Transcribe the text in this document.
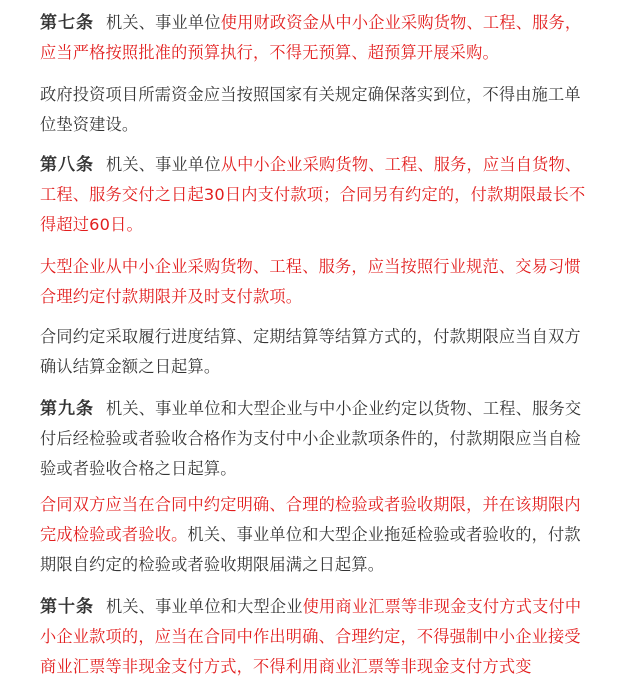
第七条 机关、事业单位使用财政资金从中小企业采购货物、工程、服务，应当严格按照批准的预算执行，不得无预算、超预算开展采购。

政府投资项目所需资金应当按照国家有关规定确保落实到位，不得由施工单位垫资建设。

第八条 机关、事业单位从中小企业采购货物、工程、服务，应当自货物、工程、服务交付之日起30日内支付款项；合同另有约定的，付款期限最长不得超过60日。

大型企业从中小企业采购货物、工程、服务，应当按照行业规范、交易习惯合理约定付款期限并及时支付款项。

合同约定采取履行进度结算、定期结算等结算方式的，付款期限应当自双方确认结算金额之日起算。

第九条 机关、事业单位和大型企业与中小企业约定以货物、工程、服务交付后经检验或者验收合格作为支付中小企业款项条件的，付款期限应当自检验或者验收合格之日起算。

合同双方应当在合同中约定明确、合理的检验或者验收期限，并在该期限内完成检验或者验收。机关、事业单位和大型企业拖延检验或者验收的，付款期限自约定的检验或者验收期限届满之日起算。

第十条 机关、事业单位和大型企业使用商业汇票等非现金支付方式支付中小企业款项的，应当在合同中作出明确、合理约定，不得强制中小企业接受商业汇票等非现金支付方式，不得利用商业汇票等非现金支付方式变
